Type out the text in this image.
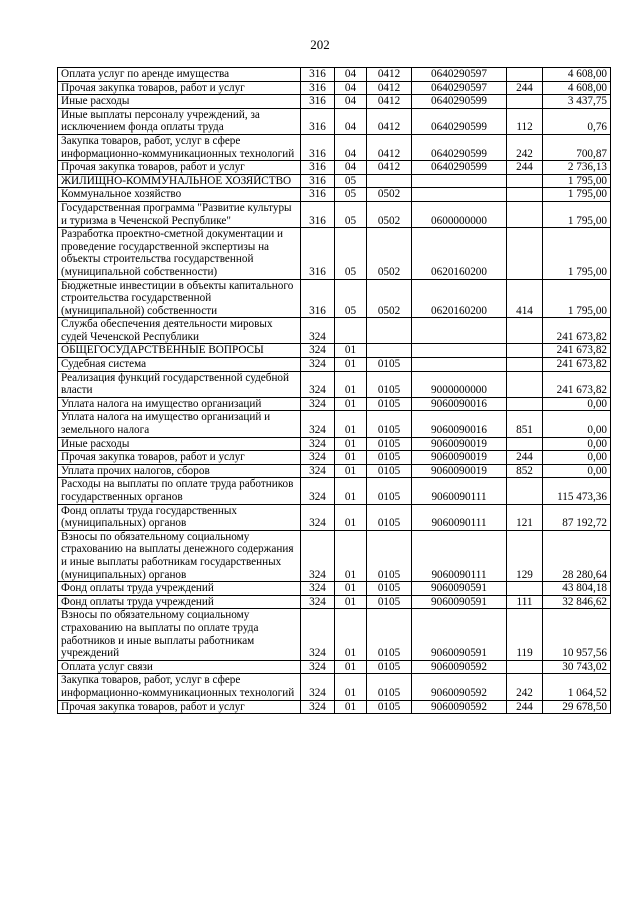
202
Оплата услуг по аренде имущества	316	04	0412	0640290597		4 608,00
Прочая закупка товаров, работ и услуг	316	04	0412	0640290597	244	4 608,00
Иные расходы	316	04	0412	0640290599		3 437,75
Иные выплаты персоналу учреждений, за исключением фонда оплаты труда	316	04	0412	0640290599	112	0,76
Закупка товаров, работ, услуг в сфере информационно-коммуникационных технологий	316	04	0412	0640290599	242	700,87
Прочая закупка товаров, работ и услуг	316	04	0412	0640290599	244	2 736,13
ЖИЛИЩНО-КОММУНАЛЬНОЕ ХОЗЯЙСТВО	316	05				1 795,00
Коммунальное хозяйство	316	05	0502			1 795,00
Государственная программа "Развитие культуры и туризма в Чеченской Республике"	316	05	0502	0600000000		1 795,00
Разработка проектно-сметной документации и проведение государственной экспертизы на объекты строительства государственной (муниципальной собственности)	316	05	0502	0620160200		1 795,00
Бюджетные инвестиции в объекты капитального строительства государственной (муниципальной) собственности	316	05	0502	0620160200	414	1 795,00
Служба обеспечения деятельности мировых судей Чеченской Республики	324					241 673,82
ОБЩЕГОСУДАРСТВЕННЫЕ ВОПРОСЫ	324	01				241 673,82
Судебная система	324	01	0105			241 673,82
Реализация функций государственной судебной власти	324	01	0105	9000000000		241 673,82
Уплата налога на имущество организаций	324	01	0105	9060090016		0,00
Уплата налога на имущество организаций и земельного налога	324	01	0105	9060090016	851	0,00
Иные расходы	324	01	0105	9060090019		0,00
Прочая закупка товаров, работ и услуг	324	01	0105	9060090019	244	0,00
Уплата прочих налогов, сборов	324	01	0105	9060090019	852	0,00
Расходы на выплаты по оплате труда работников государственных органов	324	01	0105	9060090111		115 473,36
Фонд оплаты труда государственных (муниципальных) органов	324	01	0105	9060090111	121	87 192,72
Взносы по обязательному социальному страхованию на выплаты денежного содержания и иные выплаты работникам государственных (муниципальных) органов	324	01	0105	9060090111	129	28 280,64
Фонд оплаты труда учреждений	324	01	0105	9060090591		43 804,18
Фонд оплаты труда учреждений	324	01	0105	9060090591	111	32 846,62
Взносы по обязательному социальному страхованию на выплаты по оплате труда работников и иные выплаты работникам учреждений	324	01	0105	9060090591	119	10 957,56
Оплата услуг связи	324	01	0105	9060090592		30 743,02
Закупка товаров, работ, услуг в сфере информационно-коммуникационных технологий	324	01	0105	9060090592	242	1 064,52
Прочая закупка товаров, работ и услуг	324	01	0105	9060090592	244	29 678,50
